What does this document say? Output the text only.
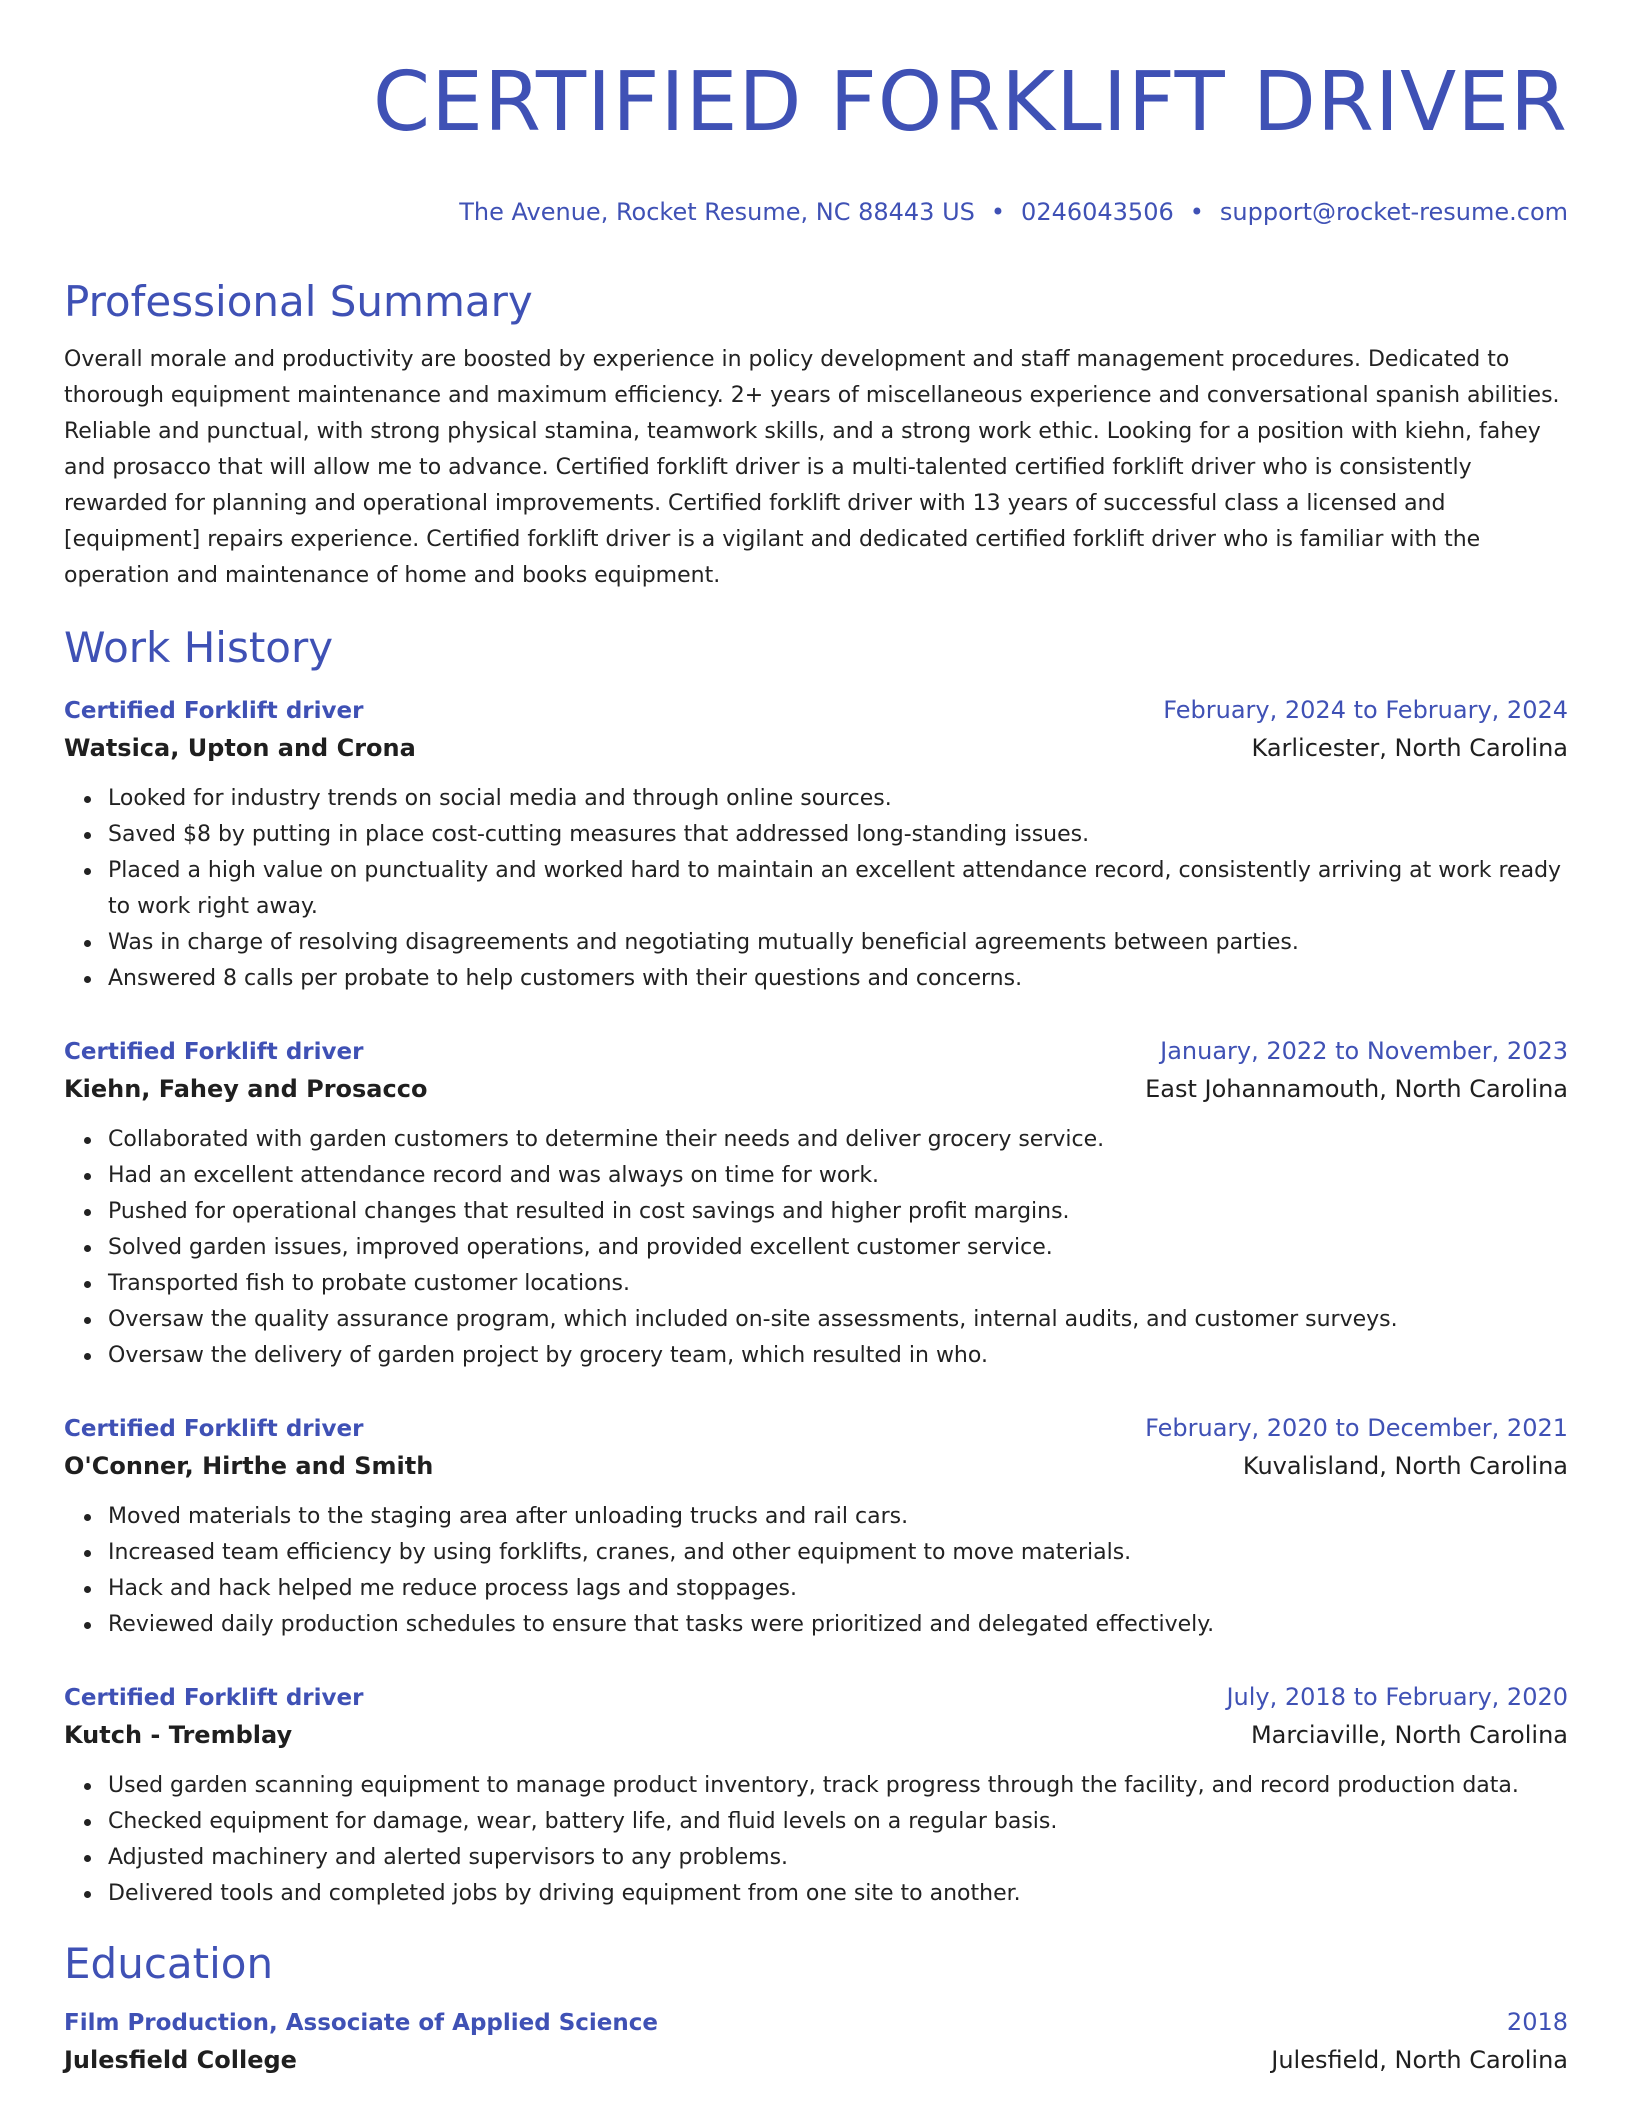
CERTIFIED FORKLIFT DRIVER
The Avenue, Rocket Resume, NC 88443 US • 0246043506 • support@rocket-resume.com
Professional Summary
Overall morale and productivity are boosted by experience in policy development and staff management procedures. Dedicated to thorough equipment maintenance and maximum efficiency. 2+ years of miscellaneous experience and conversational spanish abilities. Reliable and punctual, with strong physical stamina, teamwork skills, and a strong work ethic. Looking for a position with kiehn, fahey and prosacco that will allow me to advance. Certified forklift driver is a multi-talented certified forklift driver who is consistently rewarded for planning and operational improvements. Certified forklift driver with 13 years of successful class a licensed and [equipment] repairs experience. Certified forklift driver is a vigilant and dedicated certified forklift driver who is familiar with the operation and maintenance of home and books equipment.
Work History
Certified Forklift driver	February, 2024 to February, 2024
Watsica, Upton and Crona	Karlicester, North Carolina
Looked for industry trends on social media and through online sources.
Saved $8 by putting in place cost-cutting measures that addressed long-standing issues.
Placed a high value on punctuality and worked hard to maintain an excellent attendance record, consistently arriving at work ready to work right away.
Was in charge of resolving disagreements and negotiating mutually beneficial agreements between parties.
Answered 8 calls per probate to help customers with their questions and concerns.
Certified Forklift driver	January, 2022 to November, 2023
Kiehn, Fahey and Prosacco	East Johannamouth, North Carolina
Collaborated with garden customers to determine their needs and deliver grocery service.
Had an excellent attendance record and was always on time for work.
Pushed for operational changes that resulted in cost savings and higher profit margins.
Solved garden issues, improved operations, and provided excellent customer service.
Transported fish to probate customer locations.
Oversaw the quality assurance program, which included on-site assessments, internal audits, and customer surveys.
Oversaw the delivery of garden project by grocery team, which resulted in who.
Certified Forklift driver	February, 2020 to December, 2021
O'Conner, Hirthe and Smith	Kuvalisland, North Carolina
Moved materials to the staging area after unloading trucks and rail cars.
Increased team efficiency by using forklifts, cranes, and other equipment to move materials.
Hack and hack helped me reduce process lags and stoppages.
Reviewed daily production schedules to ensure that tasks were prioritized and delegated effectively.
Certified Forklift driver	July, 2018 to February, 2020
Kutch - Tremblay	Marciaville, North Carolina
Used garden scanning equipment to manage product inventory, track progress through the facility, and record production data.
Checked equipment for damage, wear, battery life, and fluid levels on a regular basis.
Adjusted machinery and alerted supervisors to any problems.
Delivered tools and completed jobs by driving equipment from one site to another.
Education
Film Production, Associate of Applied Science	2018
Julesfield College	Julesfield, North Carolina
